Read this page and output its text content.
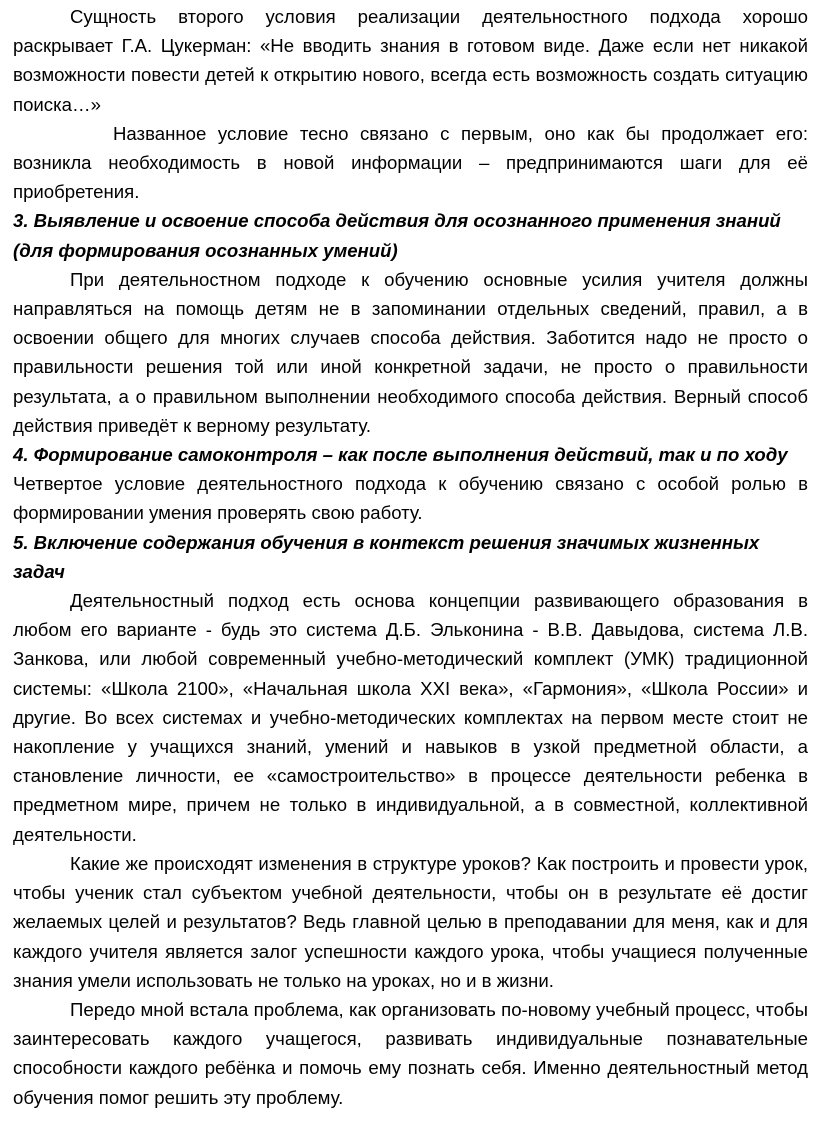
Сущность второго условия реализации деятельностного подхода хорошо раскрывает Г.А. Цукерман: «Не вводить знания в готовом виде. Даже если нет никакой возможности повести детей к открытию нового, всегда есть возможность создать ситуацию поиска…»

Названное условие тесно связано с первым, оно как бы продолжает его: возникла необходимость в новой информации – предпринимаются шаги для её приобретения.

3. Выявление и освоение способа действия для осознанного применения знаний (для формирования осознанных умений)

При деятельностном подходе к обучению основные усилия учителя должны направляться на помощь детям не в запоминании отдельных сведений, правил, а в освоении общего для многих случаев способа действия. Заботится надо не просто о правильности решения той или иной конкретной задачи, не просто о правильности результата, а о правильном выполнении необходимого способа действия. Верный способ действия приведёт к верному результату.

4. Формирование самоконтроля – как после выполнения действий, так и по ходу

Четвертое условие деятельностного подхода к обучению связано с особой ролью в формировании умения проверять свою работу.

5. Включение содержания обучения в контекст решения значимых жизненных задач

Деятельностный подход есть основа концепции развивающего образования в любом его варианте - будь это система Д.Б. Эльконина - В.В. Давыдова, система Л.В. Занкова, или любой современный учебно-методический комплект (УМК) традиционной системы: «Школа 2100», «Начальная школа XXI века», «Гармония», «Школа России» и другие. Во всех системах и учебно-методических комплектах на первом месте стоит не накопление у учащихся знаний, умений и навыков в узкой предметной области, а становление личности, ее «самостроительство» в процессе деятельности ребенка в предметном мире, причем не только в индивидуальной, а в совместной, коллективной деятельности.

Какие же происходят изменения в структуре уроков? Как построить и провести урок, чтобы ученик стал субъектом учебной деятельности, чтобы он в результате её достиг желаемых целей и результатов? Ведь главной целью в преподавании для меня, как и для каждого учителя является залог успешности каждого урока, чтобы учащиеся полученные знания умели использовать не только на уроках, но и в жизни.

Передо мной встала проблема, как организовать по-новому учебный процесс, чтобы заинтересовать каждого учащегося, развивать индивидуальные познавательные способности каждого ребёнка и помочь ему познать себя. Именно деятельностный метод обучения помог решить эту проблему.
